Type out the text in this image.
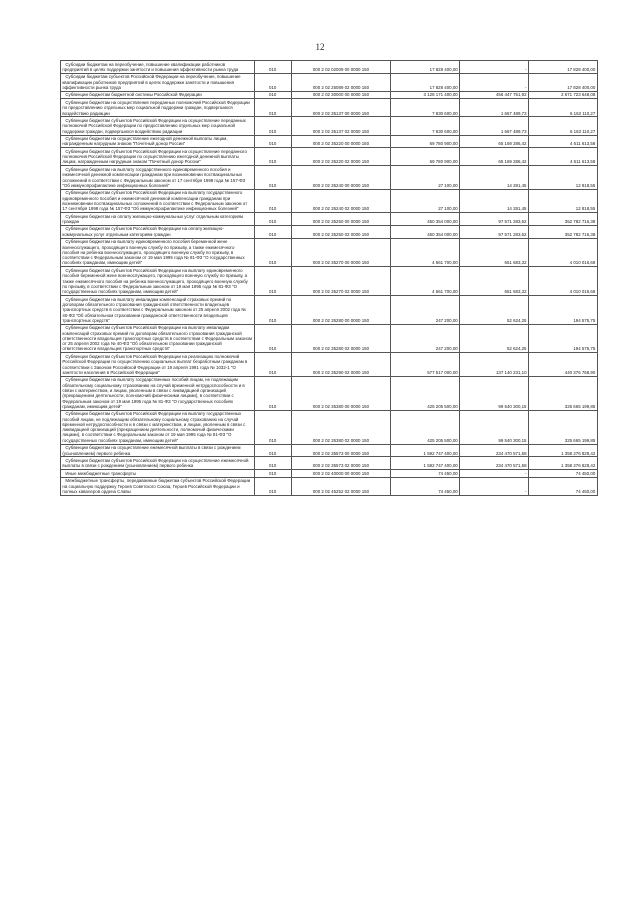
12
Субсидии бюджетам на переобучение, повышение квалификации работников предприятий в целях поддержки занятости и повышения эффективности рынка труда	010	000 2 02 02009 00 0000 150	17 828 400,00	-	17 828 400,00

Субсидии бюджетам субъектов Российской Федерации на переобучение, повышение квалификации работников предприятий в целях поддержки занятости и повышения эффективности рынка труда	010	000 2 02 25089 02 0000 150	17 828 400,00	-	17 828 400,00

Субвенции бюджетам бюджетной системы Российской Федерации	010	000 2 02 30000 00 0000 150	3 128 171 400,00	456 447 751,92	2 671 723 648,08

Субвенции бюджетам на осуществление переданных полномочий Российской Федерации по предоставлению отдельных мер социальной поддержки граждан, подвергшихся воздействию радиации	010	000 2 02 35137 00 0000 150	7 830 600,00	1 667 489,73	6 163 110,27

Субвенции бюджетам субъектов Российской Федерации на осуществление переданных полномочий Российской Федерации по предоставлению отдельных мер социальной поддержки граждан, подвергшихся воздействию радиации	010	000 2 02 35137 02 0000 150	7 830 600,00	1 667 489,73	6 163 110,27

Субвенции бюджетам на осуществление ежегодной денежной выплаты лицам, награжденным нагрудным знаком "Почетный донор России"	010	000 2 02 35220 00 0000 150	69 780 900,00	65 169 286,42	4 611 613,58

Субвенции бюджетам субъектов Российской Федерации на осуществление переданного полномочия Российской Федерации по осуществлению ежегодной денежной выплаты лицам, награжденным нагрудным знаком "Почетный донор России"	010	000 2 02 35220 02 0000 150	69 780 900,00	65 169 286,42	4 611 613,58

Субвенции бюджетам на выплату государственного единовременного пособия и ежемесячной денежной компенсации гражданам при возникновении поствакцинальных осложнений в соответствии с Федеральным законом от 17 сентября 1998 года № 157-ФЗ "Об иммунопрофилактике инфекционных болезней"	010	000 2 02 35240 00 0000 150	27 100,00	14 281,45	12 818,55

Субвенции бюджетам субъектов Российской Федерации на выплату государственного единовременного пособия и ежемесячной денежной компенсации гражданам при возникновении поствакцинальных осложнений в соответствии с Федеральным законом от 17 сентября 1998 года № 157-ФЗ "Об иммунопрофилактике инфекционных болезней"	010	000 2 02 35240 02 0000 150	27 100,00	14 281,45	12 818,55

Субвенции бюджетам на оплату жилищно-коммунальных услуг отдельным категориям граждан	010	000 2 02 35250 00 0000 150	450 354 000,00	97 571 283,62	352 782 716,38

Субвенции бюджетам субъектов Российской Федерации на оплату жилищно-коммунальных услуг отдельным категориям граждан	010	000 2 02 35250 02 0000 150	450 354 000,00	97 571 283,62	352 782 716,38

Субвенции бюджетам на выплату единовременного пособия беременной жене военнослужащего, проходящего военную службу по призыву, а также ежемесячного пособия на ребенка военнослужащего, проходящего военную службу по призыву, в соответствии с Федеральным законом от 19 мая 1995 года № 81-ФЗ "О государственных пособиях гражданам, имеющим детей"	010	000 2 02 35270 00 0000 150	4 661 700,00	651 683,32	4 010 016,68

Субвенции бюджетам субъектов Российской Федерации на выплату единовременного пособия беременной жене военнослужащего, проходящего военную службу по призыву, а также ежемесячного пособия на ребенка военнослужащего, проходящего военную службу по призыву, в соответствии с Федеральным законом от 19 мая 1995 года № 81-ФЗ "О государственных пособиях гражданам, имеющим детей"	010	000 2 02 35270 02 0000 150	4 661 700,00	651 683,32	4 010 016,68

Субвенции бюджетам на выплату инвалидам компенсаций страховых премий по договорам обязательного страхования гражданской ответственности владельцев транспортных средств в соответствии с Федеральным законом от 25 апреля 2002 года № 40-ФЗ "Об обязательном страховании гражданской ответственности владельцев транспортных средств"	010	000 2 02 35280 00 0000 150	247 200,00	52 624,25	194 575,75

Субвенции бюджетам субъектов Российской Федерации на выплату инвалидам компенсаций страховых премий по договорам обязательного страхования гражданской ответственности владельцев транспортных средств в соответствии с Федеральным законом от 25 апреля 2002 года № 40-ФЗ "Об обязательном страховании гражданской ответственности владельцев транспортных средств"	010	000 2 02 35280 02 0000 150	247 200,00	52 624,25	194 575,75

Субвенции бюджетам субъектов Российской Федерации на реализацию полномочий Российской Федерации по осуществлению социальных выплат безработным гражданам в соответствии с Законом Российской Федерации от 19 апреля 1991 года № 1032-1 "О занятости населения в Российской Федерации"	010	000 2 02 35290 02 0000 150	577 517 000,00	137 140 231,10	440 376 768,90

Субвенции бюджетам на выплату государственных пособий лицам, не подлежащим обязательному социальному страхованию на случай временной нетрудоспособности и в связи с материнством, и лицам, уволенным в связи с ликвидацией организаций (прекращением деятельности, полномочий физическими лицами), в соответствии с Федеральным законом от 19 мая 1995 года № 81-ФЗ "О государственных пособиях гражданам, имеющим детей"	010	000 2 02 35380 00 0000 150	425 205 500,00	99 540 300,15	325 665 199,85

Субвенции бюджетам субъектов Российской Федерации на выплату государственных пособий лицам, не подлежащим обязательному социальному страхованию на случай временной нетрудоспособности и в связи с материнством, и лицам, уволенным в связи с ликвидацией организаций (прекращением деятельности, полномочий физическими лицами), в соответствии с Федеральным законом от 19 мая 1995 года № 81-ФЗ "О государственных пособиях гражданам, имеющим детей"	010	000 2 02 35380 02 0000 150	425 205 500,00	99 540 300,15	325 665 199,85

Субвенции бюджетам на осуществление ежемесячной выплаты в связи с рождением (усыновлением) первого ребенка	010	000 2 02 35573 00 0000 150	1 592 747 400,00	234 470 571,58	1 358 276 828,42

Субвенции бюджетам субъектов Российской Федерации на осуществление ежемесячной выплаты в связи с рождением (усыновлением) первого ребенка	010	000 2 02 35573 02 0000 150	1 592 747 400,00	234 470 571,58	1 358 276 828,42

Иные межбюджетные трансферты	010	000 2 02 40000 00 0000 150	74 450,00	-	74 450,00

Межбюджетные трансферты, передаваемые бюджетам субъектов Российской Федерации на социальную поддержку Героев Советского Союза, Героев Российской Федерации и полных кавалеров ордена Славы	010	000 2 02 45252 02 0000 150	74 450,00	-	74 450,00
